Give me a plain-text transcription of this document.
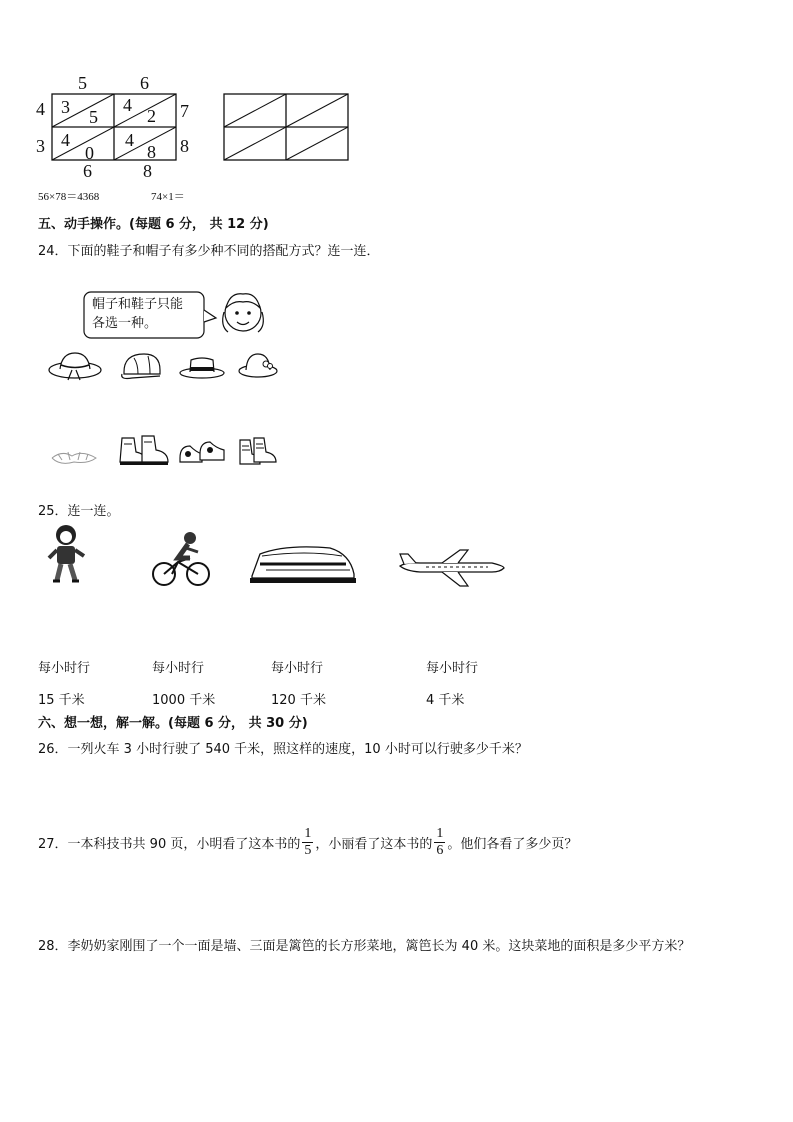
5	6
4
3
7
8
6	8
3 5
4
2
4
0
4
8
56×78＝4368	74×1＝
五、动手操作。(每题 6 分， 共 12 分)
24．下面的鞋子和帽子有多少种不同的搭配方式？连一连．
帽子和鞋子只能
各选一种。
25．连一连。
每小时行	每小时行	每小时行	每小时行
15 千米	1000 千米	120 千米	4 千米
六、想一想，解一解。(每题 6 分， 共 30 分)
26．一列火车 3 小时行驶了 540 千米，照这样的速度，10 小时可以行驶多少千米？
27．一本科技书共 90 页，小明看了这本书的 $\frac{1}{5}$ ，小丽看了这本书的 $\frac{1}{6}$ 。他们各看了多少页？
28．李奶奶家刚围了一个一面是墙、三面是篱笆的长方形菜地，篱笆长为 40 米。这块菜地的面积是多少平方米？
